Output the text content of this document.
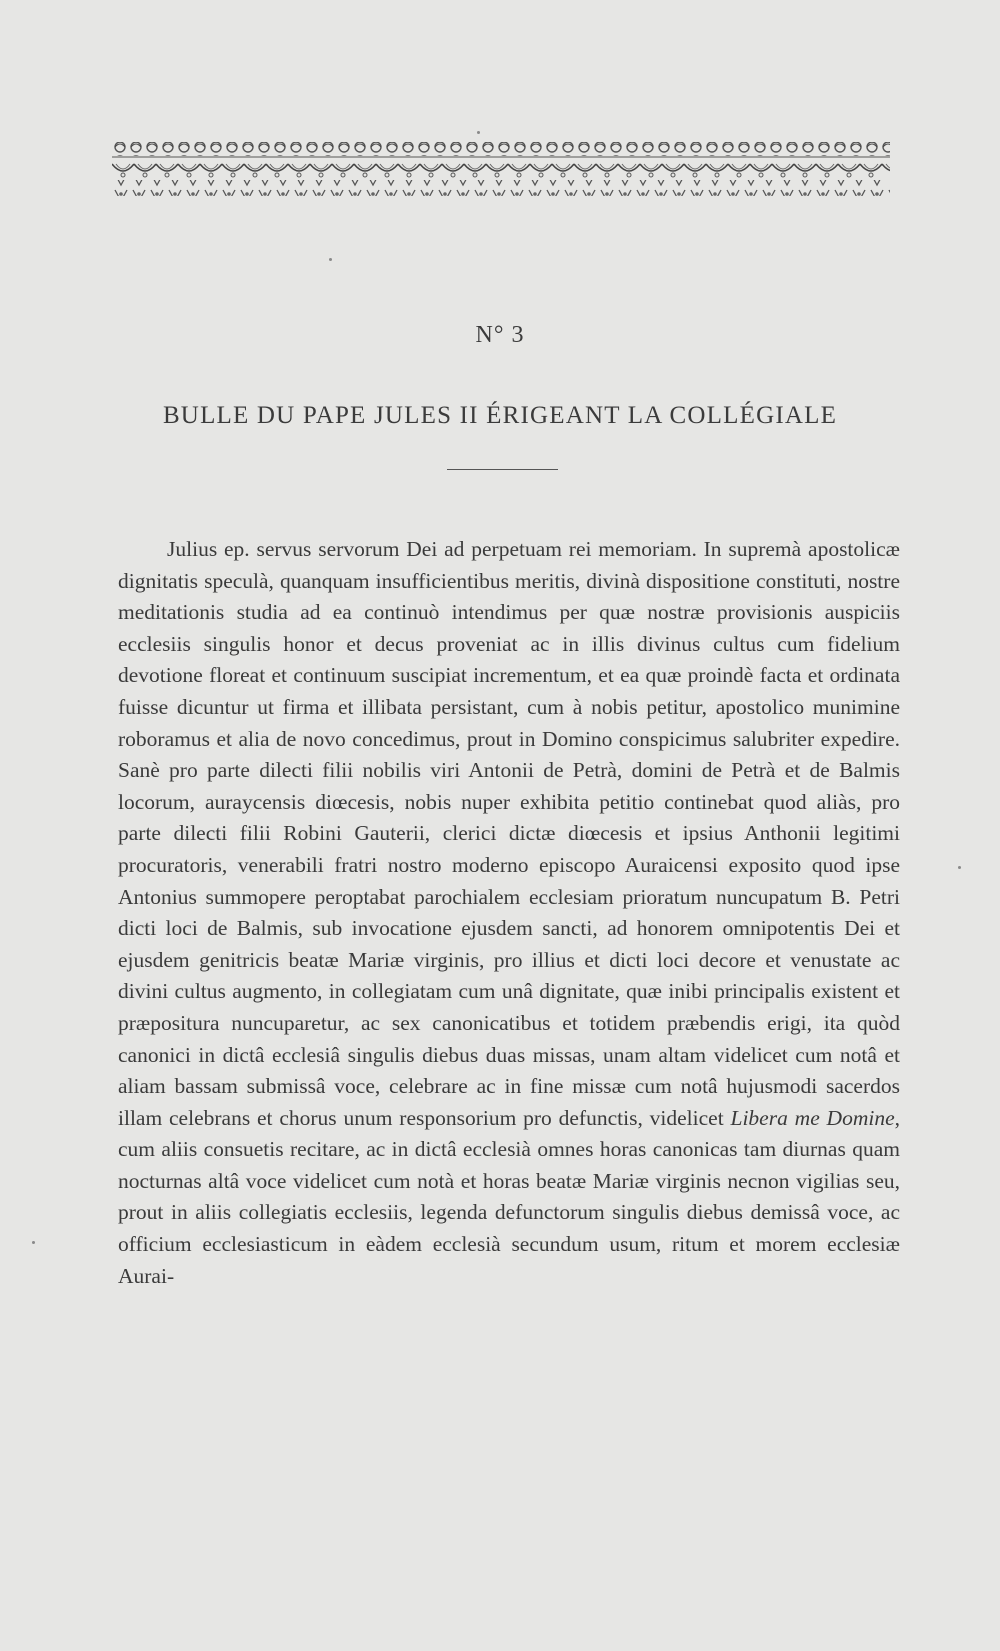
N° 3
BULLE DU PAPE JULES II ÉRIGEANT LA COLLÉGIALE

Julius ep. servus servorum Dei ad perpetuam rei memoriam. In supremà apostolicæ dignitatis speculà, quanquam insufficientibus meritis, divinà dispositione constituti, nostre meditationis studia ad ea continuò intendimus per quæ nostræ provisionis auspiciis ecclesiis singulis honor et decus proveniat ac in illis divinus cultus cum fidelium devotione floreat et continuum suscipiat incrementum, et ea quæ proindè facta et ordinata fuisse dicuntur ut firma et illibata persistant, cum à nobis petitur, apostolico munimine roboramus et alia de novo concedimus, prout in Domino conspicimus salubriter expedire. Sanè pro parte dilecti filii nobilis viri Antonii de Petrà, domini de Petrà et de Balmis locorum, auraycensis diœcesis, nobis nuper exhibita petitio continebat quod aliàs, pro parte dilecti filii Robini Gauterii, clerici dictæ diœcesis et ipsius Anthonii legitimi procuratoris, venerabili fratri nostro moderno episcopo Auraicensi exposito quod ipse Antonius summopere peroptabat parochialem ecclesiam prioratum nuncupatum B. Petri dicti loci de Balmis, sub invocatione ejusdem sancti, ad honorem omnipotentis Dei et ejusdem genitricis beatæ Mariæ virginis, pro illius et dicti loci decore et venustate ac divini cultus augmento, in collegiatam cum unâ dignitate, quæ inibi principalis existent et præpositura nuncuparetur, ac sex canonicatibus et totidem præbendis erigi, ita quòd canonici in dictâ ecclesiâ singulis diebus duas missas, unam altam videlicet cum notâ et aliam bassam submissâ voce, celebrare ac in fine missæ cum notâ hujusmodi sacerdos illam celebrans et chorus unum responsorium pro defunctis, videlicet Libera me Domine, cum aliis consuetis recitare, ac in dictâ ecclesià omnes horas canonicas tam diurnas quam nocturnas altâ voce videlicet cum notà et horas beatæ Mariæ virginis necnon vigilias seu, prout in aliis collegiatis ecclesiis, legenda defunctorum singulis diebus demissâ voce, ac officium ecclesiasticum in eàdem ecclesià secundum usum, ritum et morem ecclesiæ Aurai-
